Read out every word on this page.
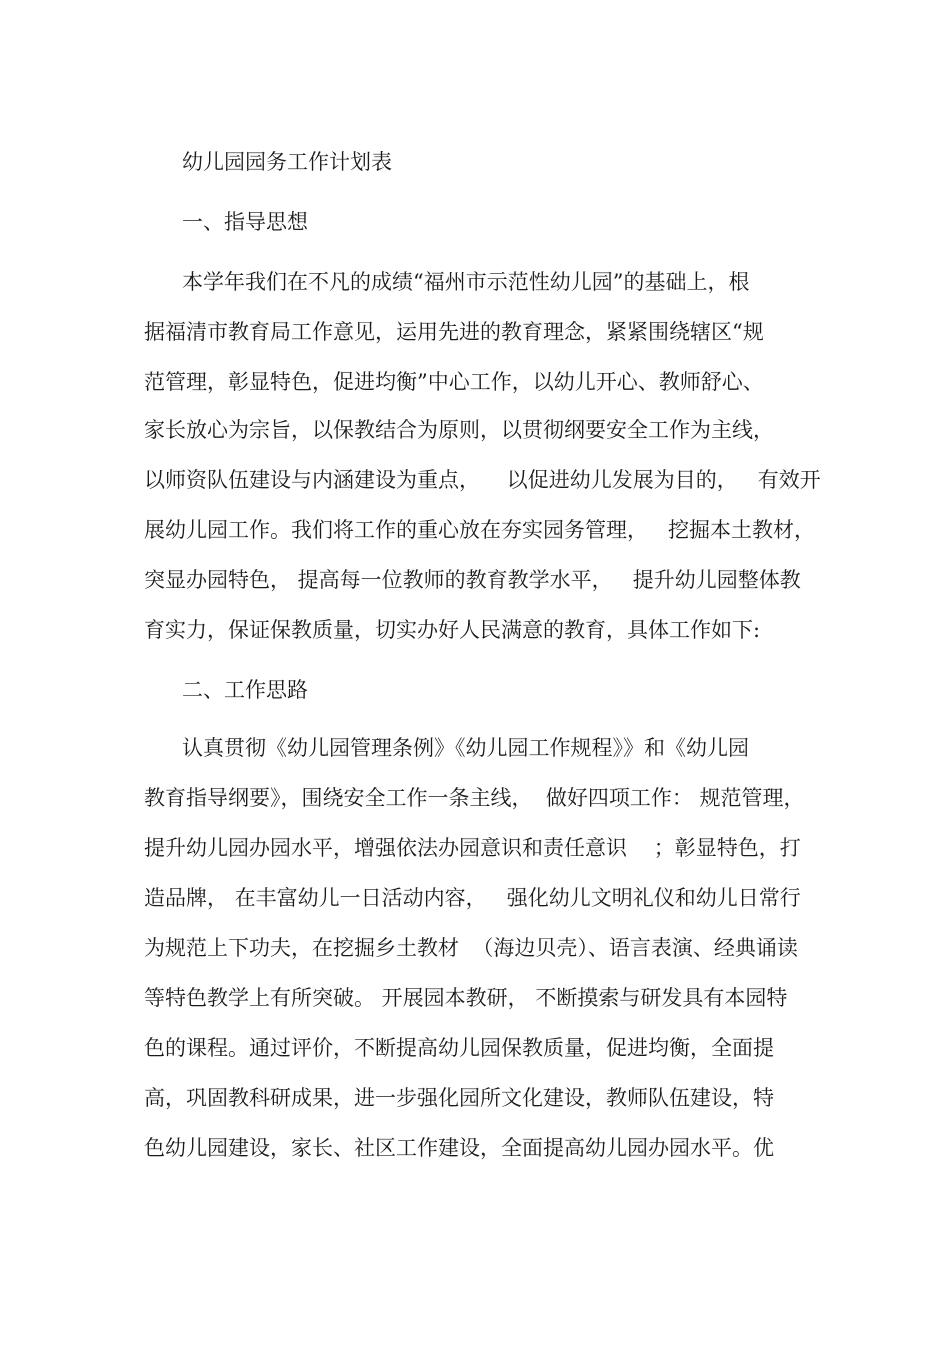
幼儿园园务工作计划表

一、指导思想

本学年我们在不凡的成绩“福州市示范性幼儿园”的基础上，根

据福清市教育局工作意见，运用先进的教育理念，紧紧围绕辖区“规

范管理，彰显特色，促进均衡”中心工作，以幼儿开心、教师舒心、

家长放心为宗旨，以保教结合为原则，以贯彻纲要安全工作为主线，

以师资队伍建设与内涵建设为重点，    以促进幼儿发展为目的，   有效开

展幼儿园工作。我们将工作的重心放在夯实园务管理，   挖掘本土教材，

突显办园特色， 提高每一位教师的教育教学水平，   提升幼儿园整体教

育实力，保证保教质量，切实办好人民满意的教育，具体工作如下:

二、工作思路

认真贯彻《幼儿园管理条例》《幼儿园工作规程》》和《幼儿园

教育指导纲要》，围绕安全工作一条主线，  做好四项工作： 规范管理，

提升幼儿园办园水平，增强依法办园意识和责任意识    ；彰显特色，打

造品牌， 在丰富幼儿一日活动内容，   强化幼儿文明礼仪和幼儿日常行

为规范上下功夫，在挖掘乡土教材  （海边贝壳）、语言表演、经典诵读

等特色教学上有所突破。 开展园本教研， 不断摸索与研发具有本园特

色的课程。通过评价，不断提高幼儿园保教质量，促进均衡，全面提

高，巩固教科研成果，进一步强化园所文化建设，教师队伍建设，特

色幼儿园建设，家长、社区工作建设，全面提高幼儿园办园水平。优
